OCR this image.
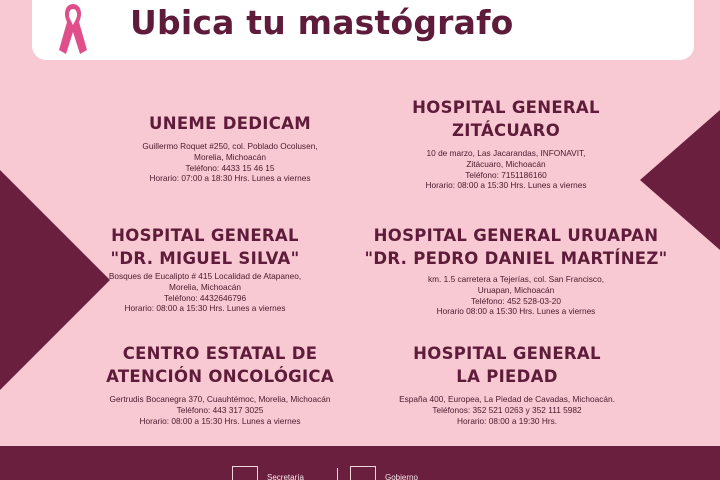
Ubica tu mastógrafo
UNEME DEDICAM
Guillermo Roquet #250, col. Poblado Ocolusen,
Morelia, Michoacán
Teléfono: 4433 15 46 15
Horario: 07:00 a 18:30 Hrs. Lunes a viernes
HOSPITAL GENERAL
ZITÁCUARO
10 de marzo, Las Jacarandas, INFONAVIT,
Zitácuaro, Michoacán
Teléfono: 7151186160
Horario: 08:00 a 15:30 Hrs. Lunes a viernes
HOSPITAL GENERAL
"DR. MIGUEL SILVA"
Bosques de Eucalipto # 415 Localidad de Atapaneo,
Morelia, Michoacán
Teléfono: 4432646796
Horario: 08:00 a 15:30 Hrs. Lunes a viernes
HOSPITAL GENERAL URUAPAN
"DR. PEDRO DANIEL MARTÍNEZ"
km. 1.5 carretera a Tejerías, col. San Francisco,
Uruapan, Michoacán
Teléfono: 452 528-03-20
Horario 08:00 a 15:30 Hrs. Lunes a viernes
CENTRO ESTATAL DE
ATENCIÓN ONCOLÓGICA
Gertrudis Bocanegra 370, Cuauhtémoc, Morelia, Michoacán
Teléfono: 443 317 3025
Horario: 08:00 a 15:30 Hrs. Lunes a viernes
HOSPITAL GENERAL
LA PIEDAD
España 400, Europea, La Piedad de Cavadas, Michoacán.
Teléfonos: 352 521 0263 y 352 111 5982
Horario: 08:00 a 19:30 Hrs.
Secretaría	Gobierno
